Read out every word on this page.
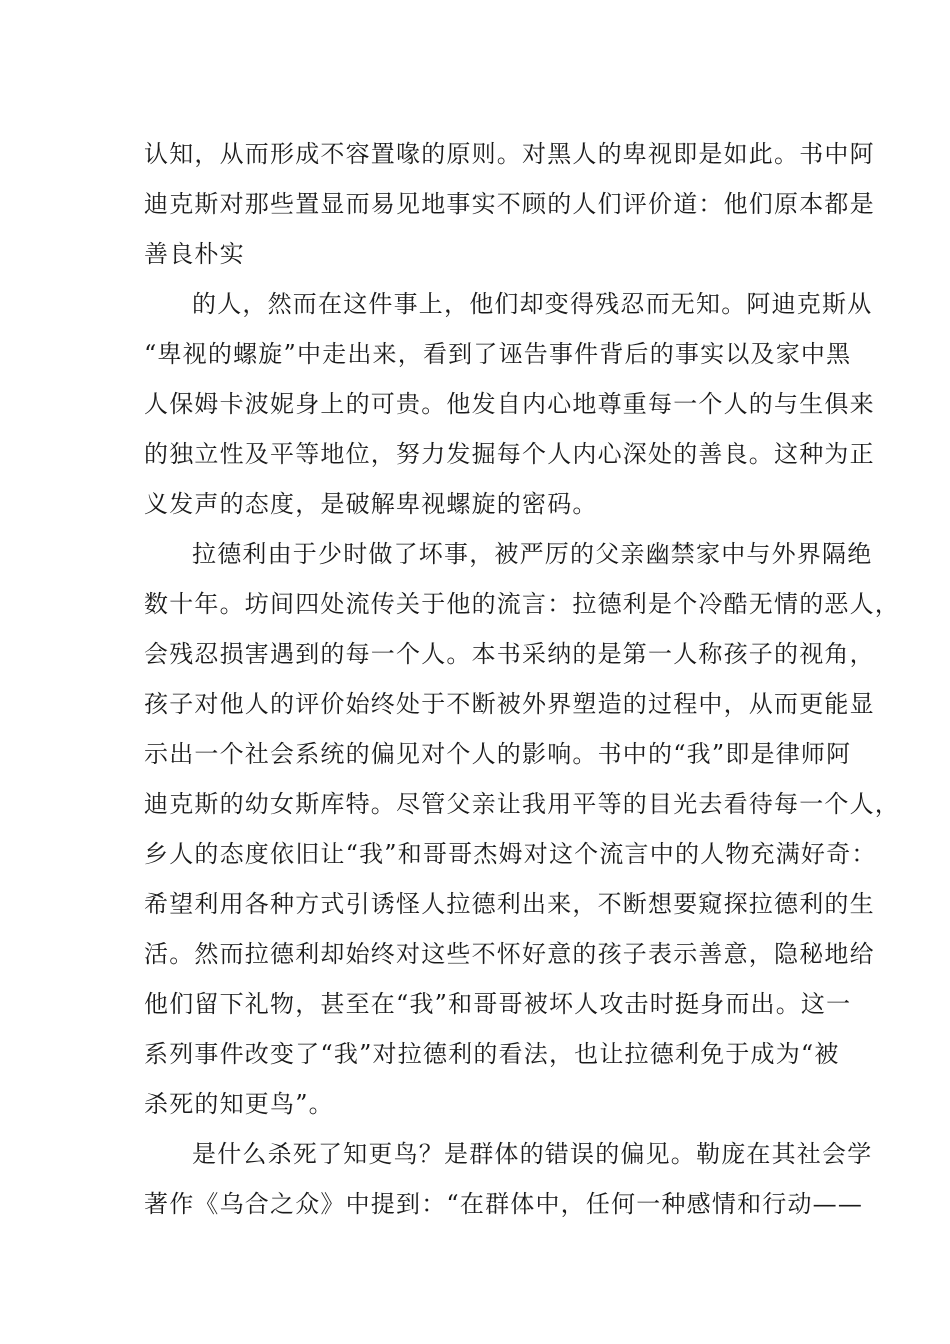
认知，从而形成不容置喙的原则。对黑人的卑视即是如此。书中阿
迪克斯对那些置显而易见地事实不顾的人们评价道：他们原本都是
善良朴实
的人，然而在这件事上，他们却变得残忍而无知。阿迪克斯从
“卑视的螺旋”中走出来，看到了诬告事件背后的事实以及家中黑
人保姆卡波妮身上的可贵。他发自内心地尊重每一个人的与生俱来
的独立性及平等地位，努力发掘每个人内心深处的善良。这种为正
义发声的态度，是破解卑视螺旋的密码。
拉德利由于少时做了坏事，被严厉的父亲幽禁家中与外界隔绝
数十年。坊间四处流传关于他的流言：拉德利是个冷酷无情的恶人，
会残忍损害遇到的每一个人。本书采纳的是第一人称孩子的视角，
孩子对他人的评价始终处于不断被外界塑造的过程中，从而更能显
示出一个社会系统的偏见对个人的影响。书中的“我”即是律师阿
迪克斯的幼女斯库特。尽管父亲让我用平等的目光去看待每一个人，
乡人的态度依旧让“我”和哥哥杰姆对这个流言中的人物充满好奇：
希望利用各种方式引诱怪人拉德利出来，不断想要窥探拉德利的生
活。然而拉德利却始终对这些不怀好意的孩子表示善意，隐秘地给
他们留下礼物，甚至在“我”和哥哥被坏人攻击时挺身而出。这一
系列事件改变了“我”对拉德利的看法，也让拉德利免于成为“被
杀死的知更鸟”。
是什么杀死了知更鸟？是群体的错误的偏见。勒庞在其社会学
著作《乌合之众》中提到：“在群体中，任何一种感情和行动——
